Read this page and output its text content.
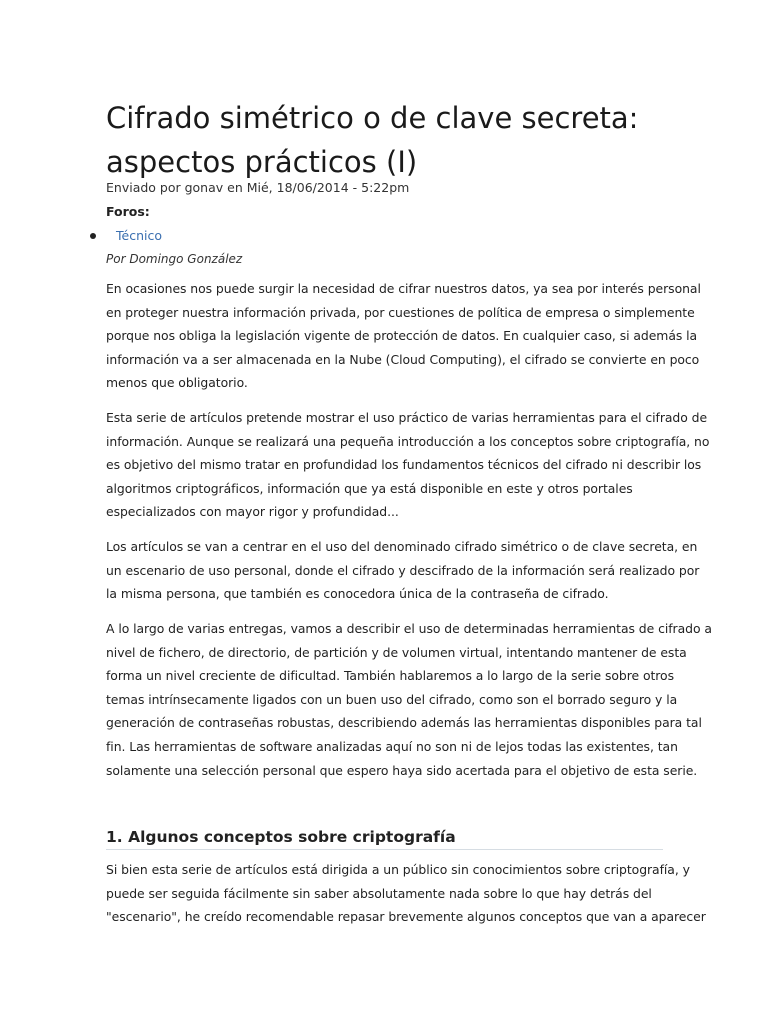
Cifrado simétrico o de clave secreta:
aspectos prácticos (I)
Enviado por gonav en Mié, 18/06/2014 - 5:22pm
Foros:
Técnico
Por Domingo González

En ocasiones nos puede surgir la necesidad de cifrar nuestros datos, ya sea por interés personal
en proteger nuestra información privada, por cuestiones de política de empresa o simplemente
porque nos obliga la legislación vigente de protección de datos. En cualquier caso, si además la
información va a ser almacenada en la Nube (Cloud Computing), el cifrado se convierte en poco
menos que obligatorio.

Esta serie de artículos pretende mostrar el uso práctico de varias herramientas para el cifrado de
información. Aunque se realizará una pequeña introducción a los conceptos sobre criptografía, no
es objetivo del mismo tratar en profundidad los fundamentos técnicos del cifrado ni describir los
algoritmos criptográficos, información que ya está disponible en este y otros portales
especializados con mayor rigor y profundidad...

Los artículos se van a centrar en el uso del denominado cifrado simétrico o de clave secreta, en
un escenario de uso personal, donde el cifrado y descifrado de la información será realizado por
la misma persona, que también es conocedora única de la contraseña de cifrado.

A lo largo de varias entregas, vamos a describir el uso de determinadas herramientas de cifrado a
nivel de fichero, de directorio, de partición y de volumen virtual, intentando mantener de esta
forma un nivel creciente de dificultad. También hablaremos a lo largo de la serie sobre otros
temas intrínsecamente ligados con un buen uso del cifrado, como son el borrado seguro y la
generación de contraseñas robustas, describiendo además las herramientas disponibles para tal
fin. Las herramientas de software analizadas aquí no son ni de lejos todas las existentes, tan
solamente una selección personal que espero haya sido acertada para el objetivo de esta serie.

1. Algunos conceptos sobre criptografía

Si bien esta serie de artículos está dirigida a un público sin conocimientos sobre criptografía, y
puede ser seguida fácilmente sin saber absolutamente nada sobre lo que hay detrás del
"escenario", he creído recomendable repasar brevemente algunos conceptos que van a aparecer
